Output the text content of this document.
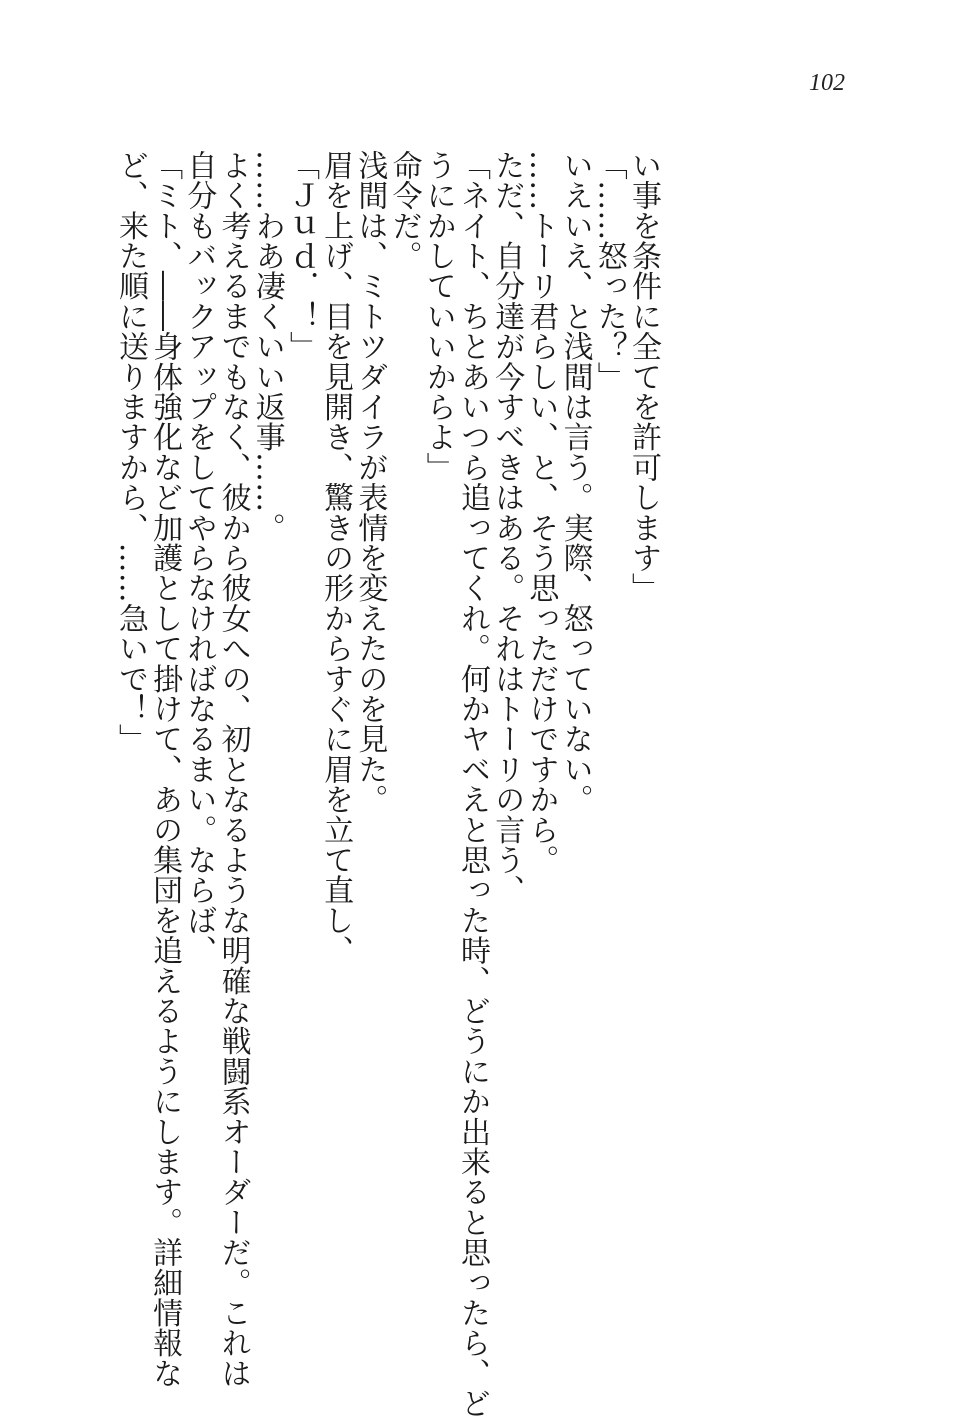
102
い事を条件に全てを許可します」
「……怒った？」
いえいえ、と浅間は言う。実際、怒っていない。
……トーリ君らしい、と、そう思っただけですから。
ただ、自分達が今すべきはある。それはトーリの言う、
「ネイト、ちとあいつら追ってくれ。何かヤベえと思った時、どうにか出来ると思ったら、ど
うにかしていいからよ」
命令だ。
浅間は、ミトツダイラが表情を変えたのを見た。
眉を上げ、目を見開き、驚きの形からすぐに眉を立て直し、
「Ｊｕｄ．！」
……わあ凄くいい返事……。
よく考えるまでもなく、彼から彼女への、初となるような明確な戦闘系オーダーだ。これは
自分もバックアップをしてやらなければなるまい。ならば、
「ミト、――身体強化など加護として掛けて、あの集団を追えるようにします。詳細情報な
ど、来た順に送りますから、……急いで！」
